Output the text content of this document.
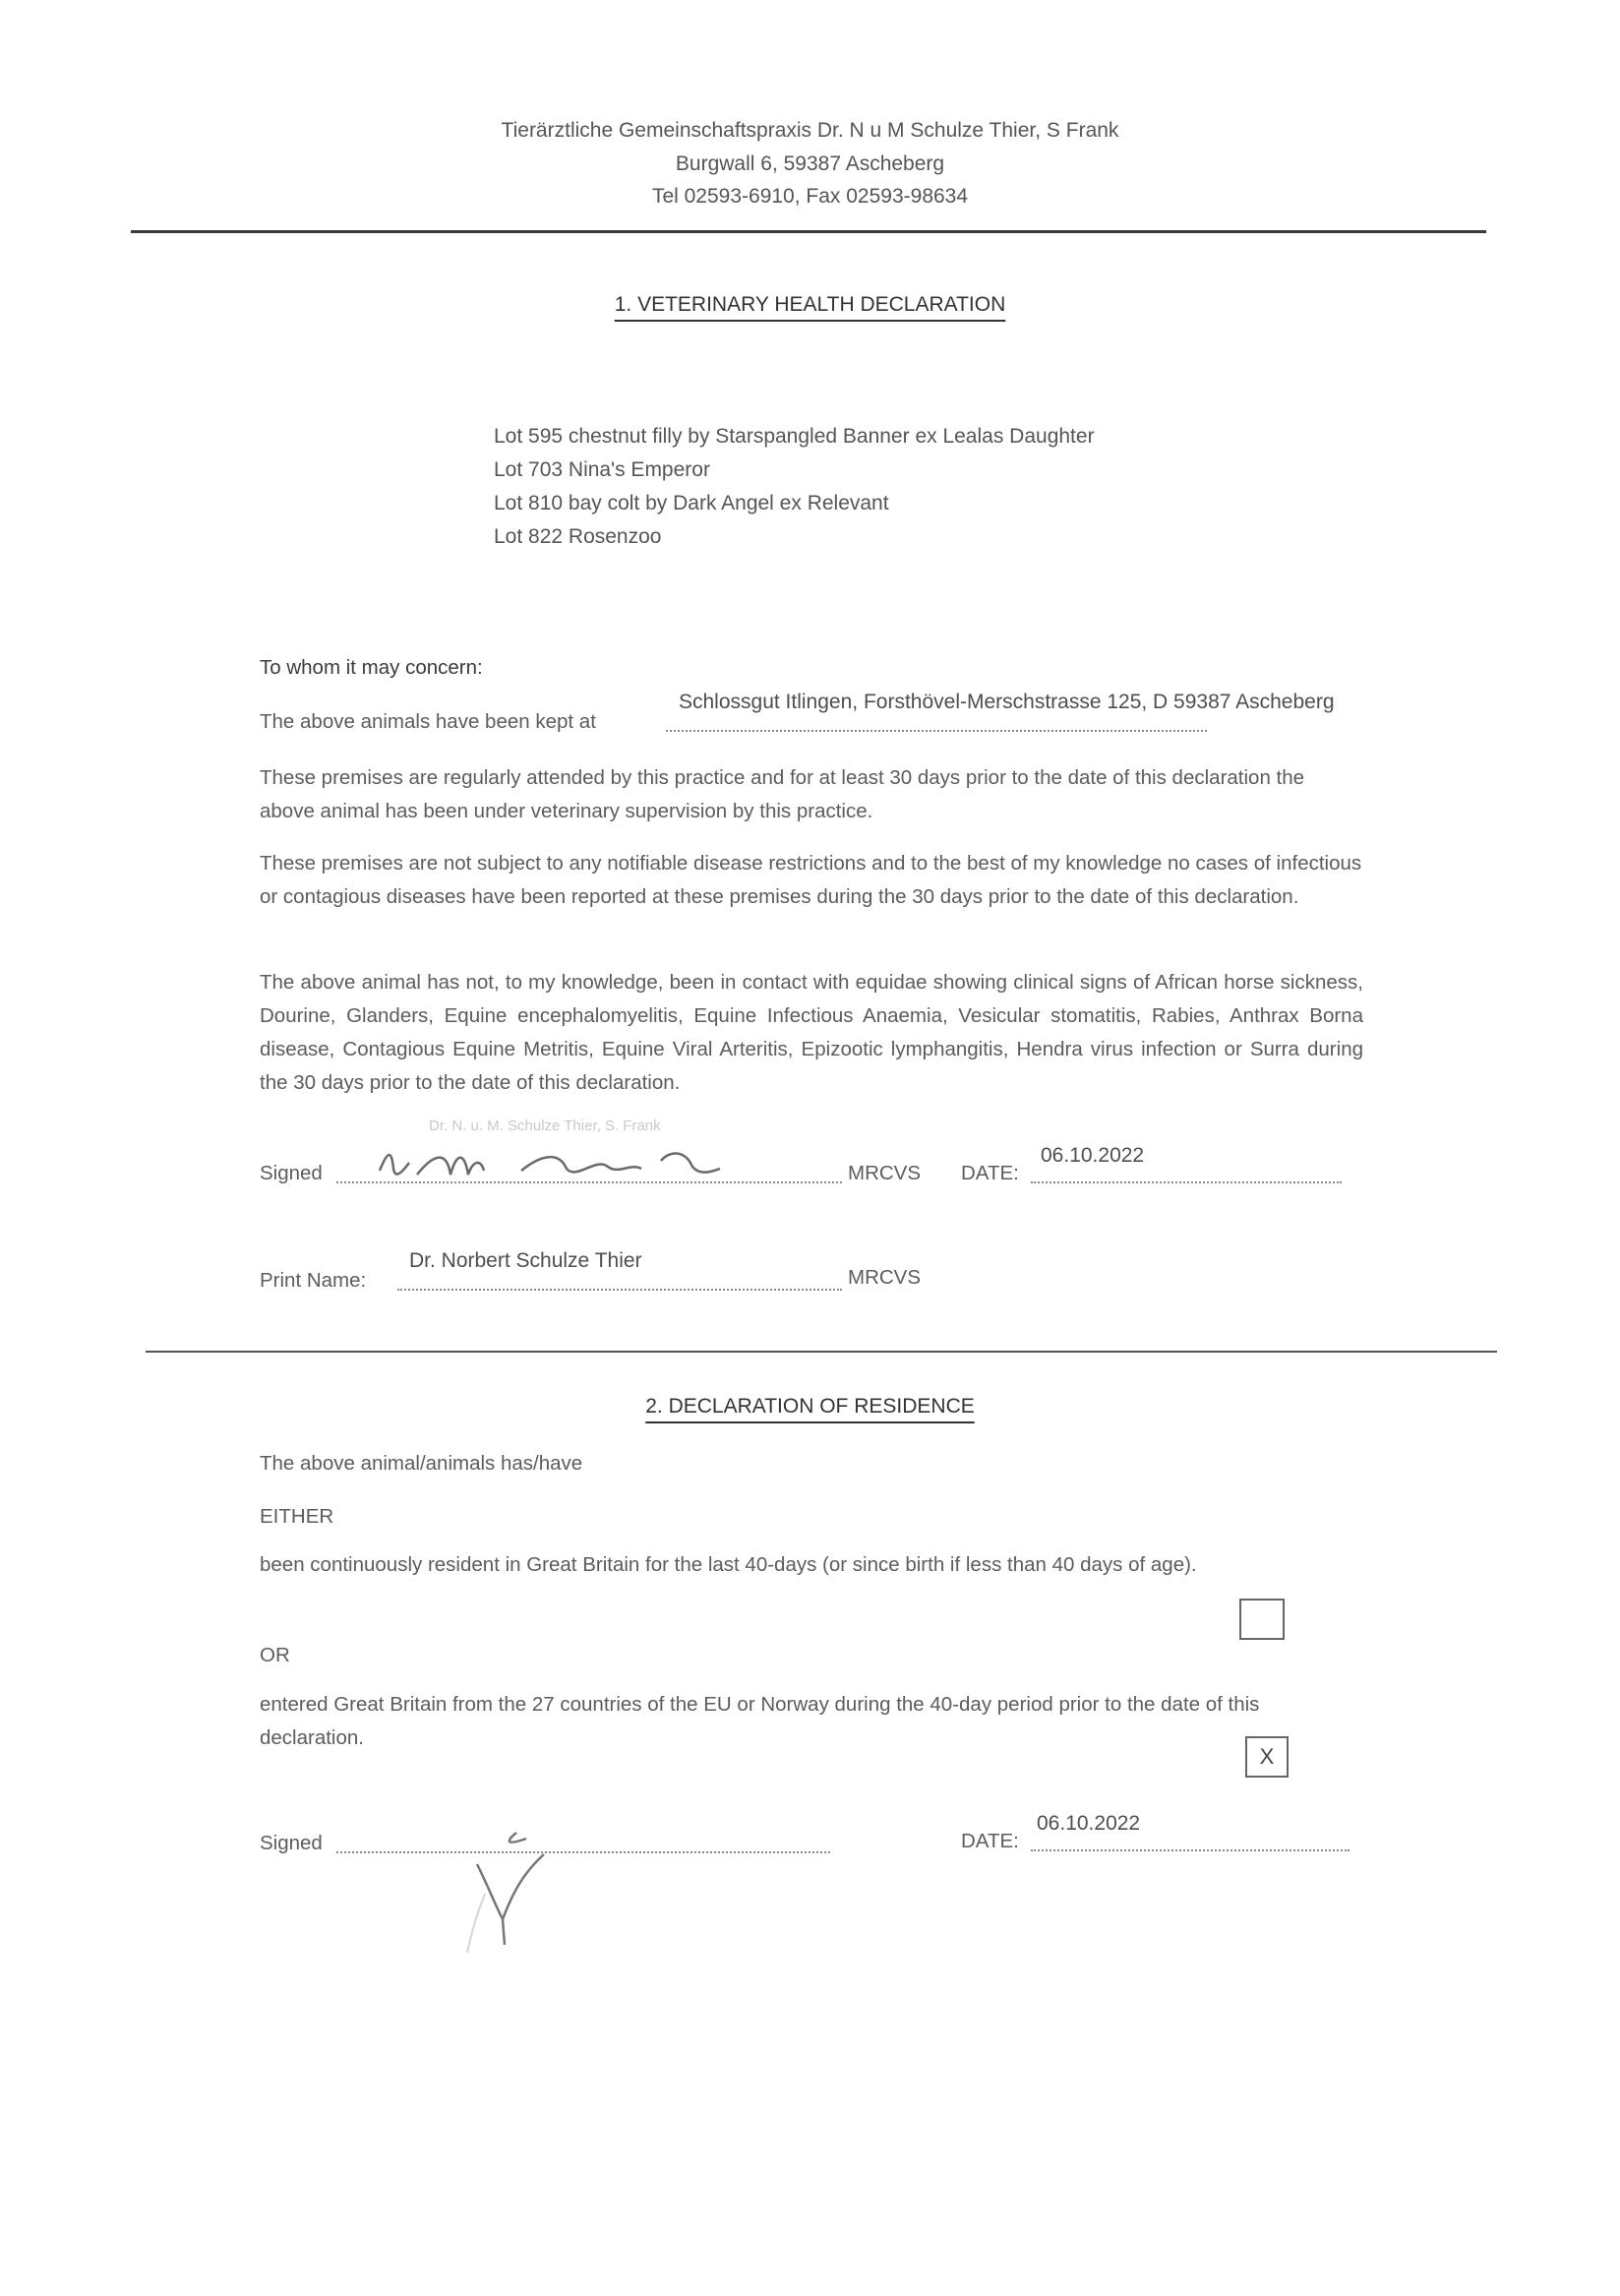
Tierärztliche Gemeinschaftspraxis Dr. N u M Schulze Thier, S Frank
Burgwall 6, 59387 Ascheberg
Tel 02593-6910, Fax 02593-98634
1. VETERINARY HEALTH DECLARATION
Lot 595 chestnut filly by Starspangled Banner ex Lealas Daughter
Lot 703 Nina's Emperor
Lot 810 bay colt by Dark Angel ex Relevant
Lot 822 Rosenzoo
To whom it may concern:
The above animals have been kept at
Schlossgut Itlingen, Forsthövel-Merschstrasse 125, D 59387 Ascheberg
These premises are regularly attended by this practice and for at least 30 days prior to the date of this declaration the above animal has been under veterinary supervision by this practice.
These premises are not subject to any notifiable disease restrictions and to the best of my knowledge no cases of infectious or contagious diseases have been reported at these premises during the 30 days prior to the date of this declaration.
The above animal has not, to my knowledge, been in contact with equidae showing clinical signs of African horse sickness, Dourine, Glanders, Equine encephalomyelitis, Equine Infectious Anaemia, Vesicular stomatitis, Rabies, Anthrax Borna disease, Contagious Equine Metritis, Equine Viral Arteritis, Epizootic lymphangitis, Hendra virus infection or Surra during the 30 days prior to the date of this declaration.
Dr. N. u. M. Schulze Thier, S. Frank
Signed	MRCVS DATE:
06.10.2022
Print Name:
Dr. Norbert Schulze Thier
MRCVS
2. DECLARATION OF RESIDENCE
The above animal/animals has/have
EITHER
been continuously resident in Great Britain for the last 40-days (or since birth if less than 40 days of age).
OR
entered Great Britain from the 27 countries of the EU or Norway during the 40-day period prior to the date of this declaration.
X
Signed	DATE:
06.10.2022
